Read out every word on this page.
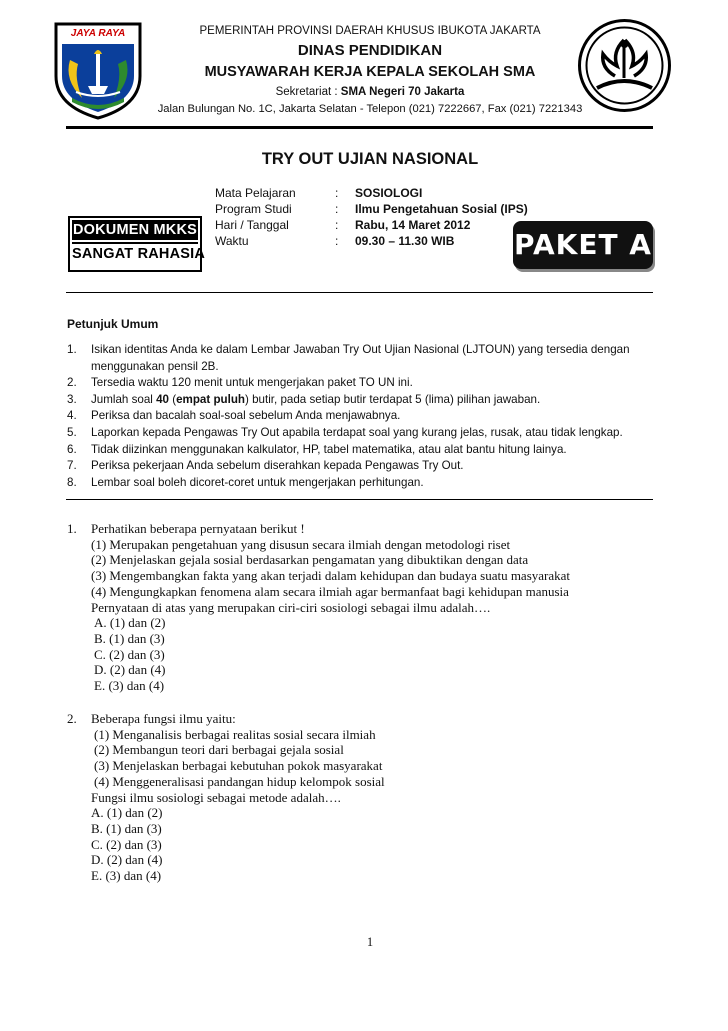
JAYA RAYA	PEMERINTAH PROVINSI DAERAH KHUSUS IBUKOTA JAKARTA
DINAS PENDIDIKAN
MUSYAWARAH KERJA KEPALA SEKOLAH SMA
Sekretariat : SMA Negeri 70 Jakarta
Jalan Bulungan No. 1C, Jakarta Selatan - Telepon (021) 7222667, Fax (021) 7221343
TRY OUT UJIAN NASIONAL
Mata Pelajaran	:	SOSIOLOGI
Program Studi	:	Ilmu Pengetahuan Sosial (IPS)
Hari / Tanggal	:	Rabu, 14 Maret 2012
Waktu	:	09.30 – 11.30 WIB
DOKUMEN MKKS
SANGAT RAHASIA	PAKET A
Petunjuk Umum
1. Isikan identitas Anda ke dalam Lembar Jawaban Try Out Ujian Nasional (LJTOUN) yang tersedia dengan
menggunakan pensil 2B.
2. Tersedia waktu 120 menit untuk mengerjakan paket TO UN ini.
3. Jumlah soal 40 (empat puluh) butir, pada setiap butir terdapat 5 (lima) pilihan jawaban.
4. Periksa dan bacalah soal-soal sebelum Anda menjawabnya.
5. Laporkan kepada Pengawas Try Out apabila terdapat soal yang kurang jelas, rusak, atau tidak lengkap.
6. Tidak diizinkan menggunakan kalkulator, HP, tabel matematika, atau alat bantu hitung lainya.
7. Periksa pekerjaan Anda sebelum diserahkan kepada Pengawas Try Out.
8. Lembar soal boleh dicoret-coret untuk mengerjakan perhitungan.
1. Perhatikan beberapa pernyataan berikut !
(1) Merupakan pengetahuan yang disusun secara ilmiah dengan metodologi riset
(2) Menjelaskan gejala sosial berdasarkan pengamatan yang dibuktikan dengan data
(3) Mengembangkan fakta yang akan terjadi dalam kehidupan dan budaya suatu masyarakat
(4) Mengungkapkan fenomena alam secara ilmiah agar bermanfaat bagi kehidupan manusia
Pernyataan di atas yang merupakan ciri-ciri sosiologi sebagai ilmu adalah….
A. (1) dan (2)
B. (1) dan (3)
C. (2) dan (3)
D. (2) dan (4)
E. (3) dan (4)
2. Beberapa fungsi ilmu yaitu:
(1) Menganalisis berbagai realitas sosial secara ilmiah
(2) Membangun teori dari berbagai gejala sosial
(3) Menjelaskan berbagai kebutuhan pokok masyarakat
(4) Menggeneralisasi pandangan hidup kelompok sosial
Fungsi ilmu sosiologi sebagai metode adalah….
A. (1) dan (2)
B. (1) dan (3)
C. (2) dan (3)
D. (2) dan (4)
E. (3) dan (4)
1
